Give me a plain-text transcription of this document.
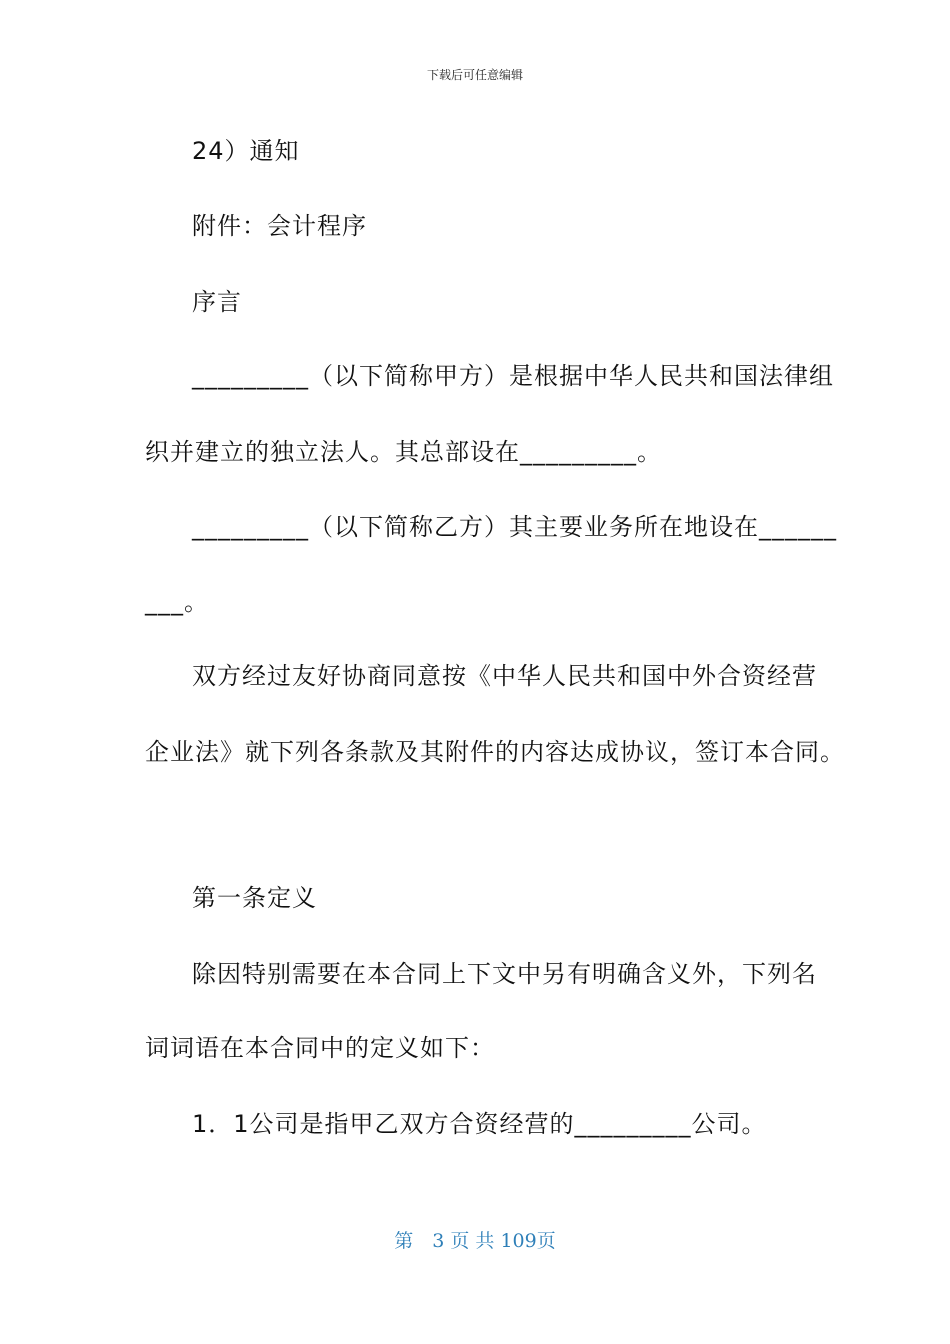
下载后可任意编辑
24）通知
附件：会计程序
序言
_________（以下简称甲方）是根据中华人民共和国法律组
织并建立的独立法人。其总部设在_________。
_________（以下简称乙方）其主要业务所在地设在______
___。
双方经过友好协商同意按《中华人民共和国中外合资经营
企业法》就下列各条款及其附件的内容达成协议，签订本合同。
第一条定义
除因特别需要在本合同上下文中另有明确含义外，下列名
词词语在本合同中的定义如下：
1．1公司是指甲乙双方合资经营的_________公司。
第　3 页 共 109页
